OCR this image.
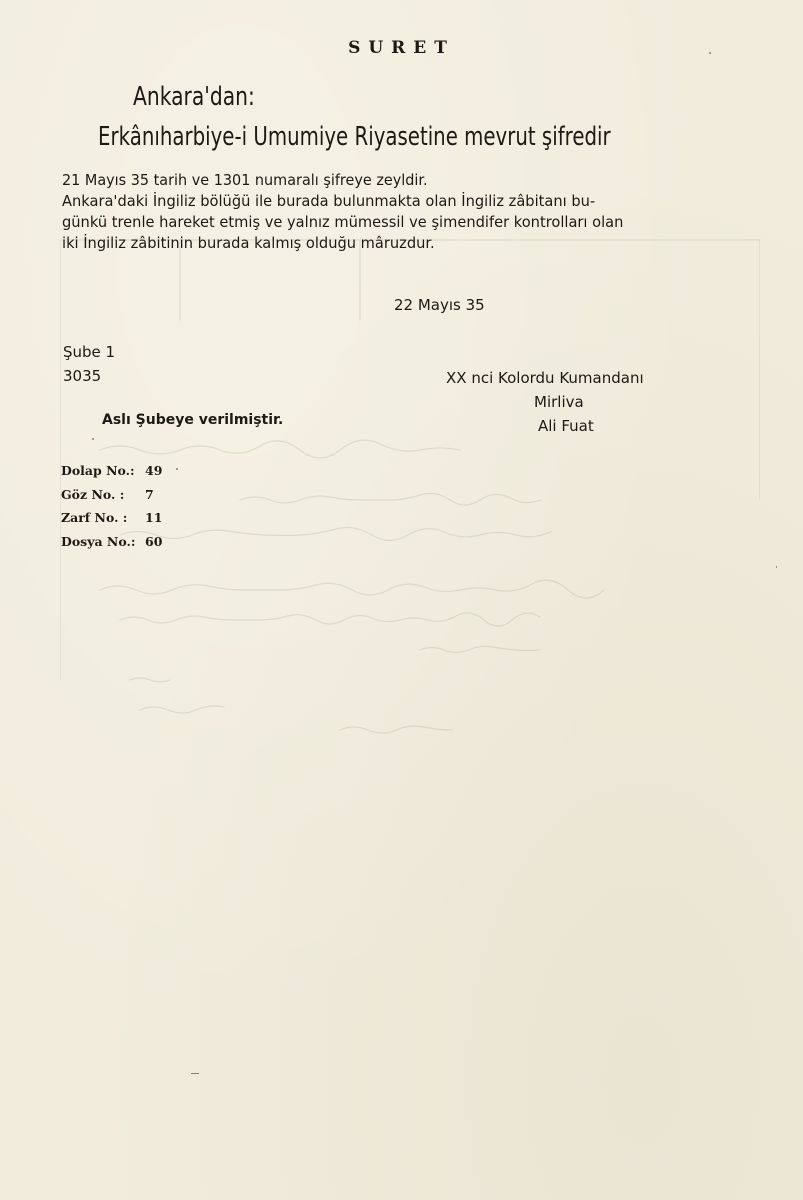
SURET
Ankara'dan:
Erkânıharbiye-i Umumiye Riyasetine mevrut şifredir
21 Mayıs 35 tarih ve 1301 numaralı şifreye zeyldir.
Ankara'daki İngiliz bölüğü ile burada bulunmakta olan İngiliz zâbitanı bu-
günkü trenle hareket etmiş ve yalnız mümessil ve şimendifer kontrolları olan
iki İngiliz zâbitinin burada kalmış olduğu mâruzdur.
22 Mayıs 35
Şube 1
3035	XX nci Kolordu Kumandanı
Mirliva
Ali Fuat
Aslı Şubeye verilmiştir.
Dolap No.: 49
Göz No. : 7
Zarf No. : 11
Dosya No.: 60
